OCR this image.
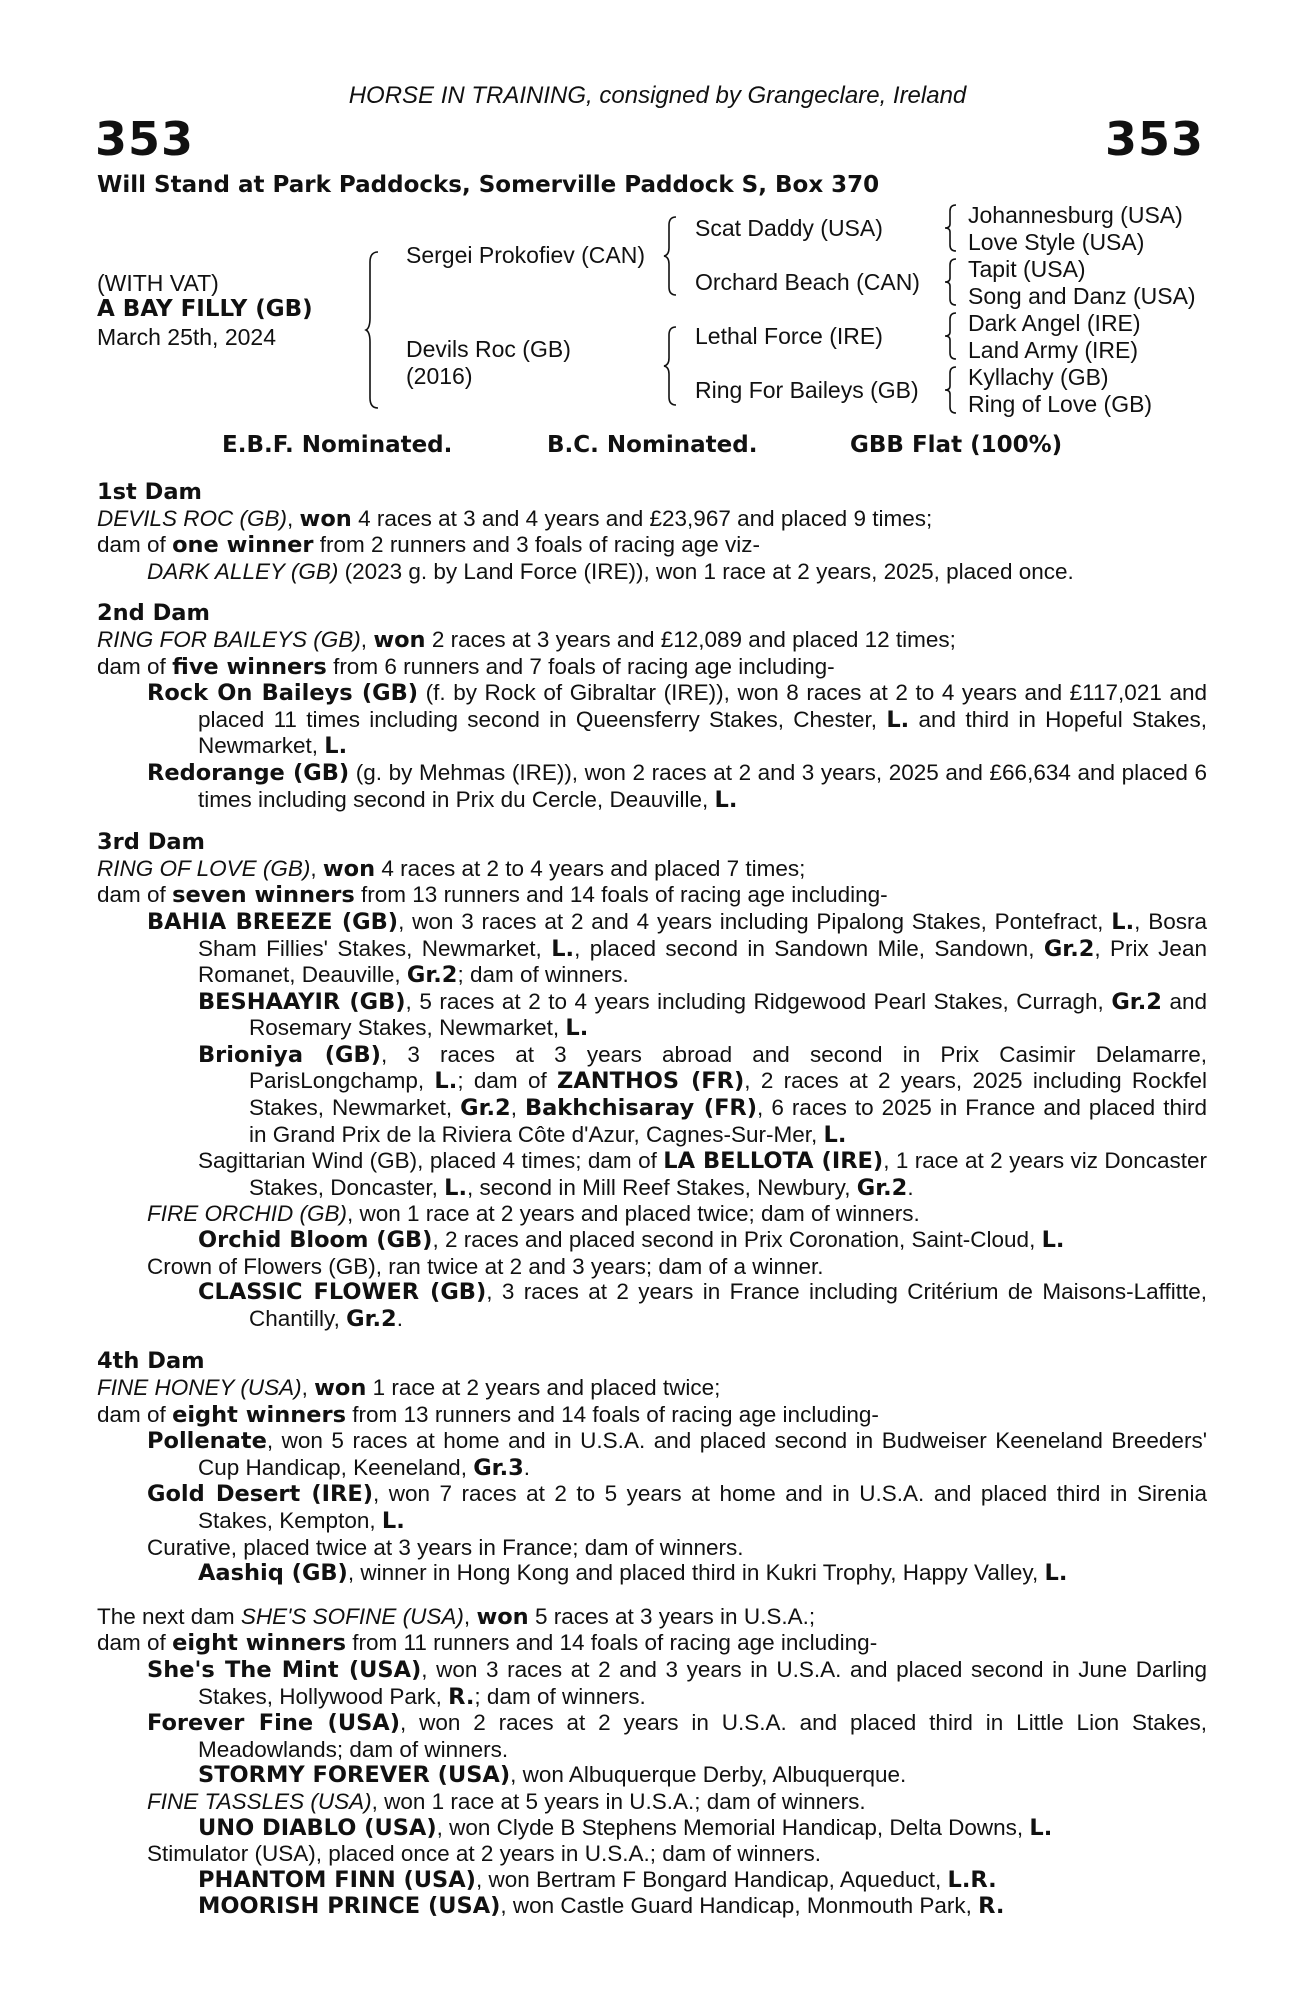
HORSE IN TRAINING, consigned by Grangeclare, Ireland
353	353
Will Stand at Park Paddocks, Somerville Paddock S, Box 370
(WITH VAT)
A BAY FILLY (GB)
March 25th, 2024
Sergei Prokofiev (CAN)
Devils Roc (GB)
(2016)
Scat Daddy (USA)
Orchard Beach (CAN)
Lethal Force (IRE)
Ring For Baileys (GB)
Johannesburg (USA)
Love Style (USA)
Tapit (USA)
Song and Danz (USA)
Dark Angel (IRE)
Land Army (IRE)
Kyllachy (GB)
Ring of Love (GB)
E.B.F. Nominated.	B.C. Nominated.	GBB Flat (100%)

1st Dam

DEVILS ROC (GB), won 4 races at 3 and 4 years and £23,967 and placed 9 times;

dam of one winner from 2 runners and 3 foals of racing age viz-

DARK ALLEY (GB) (2023 g. by Land Force (IRE)), won 1 race at 2 years, 2025, placed once.

2nd Dam

RING FOR BAILEYS (GB), won 2 races at 3 years and £12,089 and placed 12 times;

dam of five winners from 6 runners and 7 foals of racing age including-

Rock On Baileys (GB) (f. by Rock of Gibraltar (IRE)), won 8 races at 2 to 4 years and £117,021 and placed 11 times including second in Queensferry Stakes, Chester, L. and third in Hopeful Stakes, Newmarket, L.

Redorange (GB) (g. by Mehmas (IRE)), won 2 races at 2 and 3 years, 2025 and £66,634 and placed 6 times including second in Prix du Cercle, Deauville, L.

3rd Dam

RING OF LOVE (GB), won 4 races at 2 to 4 years and placed 7 times;

dam of seven winners from 13 runners and 14 foals of racing age including-

BAHIA BREEZE (GB), won 3 races at 2 and 4 years including Pipalong Stakes, Pontefract, L., Bosra Sham Fillies' Stakes, Newmarket, L., placed second in Sandown Mile, Sandown, Gr.2, Prix Jean Romanet, Deauville, Gr.2; dam of winners.

BESHAAYIR (GB), 5 races at 2 to 4 years including Ridgewood Pearl Stakes, Curragh, Gr.2 and Rosemary Stakes, Newmarket, L.

Brioniya (GB), 3 races at 3 years abroad and second in Prix Casimir Delamarre, ParisLongchamp, L.; dam of ZANTHOS (FR), 2 races at 2 years, 2025 including Rockfel Stakes, Newmarket, Gr.2, Bakhchisaray (FR), 6 races to 2025 in France and placed third in Grand Prix de la Riviera Côte d'Azur, Cagnes-Sur-Mer, L.

Sagittarian Wind (GB), placed 4 times; dam of LA BELLOTA (IRE), 1 race at 2 years viz Doncaster Stakes, Doncaster, L., second in Mill Reef Stakes, Newbury, Gr.2.

FIRE ORCHID (GB), won 1 race at 2 years and placed twice; dam of winners.

Orchid Bloom (GB), 2 races and placed second in Prix Coronation, Saint-Cloud, L.

Crown of Flowers (GB), ran twice at 2 and 3 years; dam of a winner.

CLASSIC FLOWER (GB), 3 races at 2 years in France including Critérium de Maisons-Laffitte, Chantilly, Gr.2.

4th Dam

FINE HONEY (USA), won 1 race at 2 years and placed twice;

dam of eight winners from 13 runners and 14 foals of racing age including-

Pollenate, won 5 races at home and in U.S.A. and placed second in Budweiser Keeneland Breeders' Cup Handicap, Keeneland, Gr.3.

Gold Desert (IRE), won 7 races at 2 to 5 years at home and in U.S.A. and placed third in Sirenia Stakes, Kempton, L.

Curative, placed twice at 3 years in France; dam of winners.

Aashiq (GB), winner in Hong Kong and placed third in Kukri Trophy, Happy Valley, L.

The next dam SHE'S SOFINE (USA), won 5 races at 3 years in U.S.A.;

dam of eight winners from 11 runners and 14 foals of racing age including-

She's The Mint (USA), won 3 races at 2 and 3 years in U.S.A. and placed second in June Darling Stakes, Hollywood Park, R.; dam of winners.

Forever Fine (USA), won 2 races at 2 years in U.S.A. and placed third in Little Lion Stakes, Meadowlands; dam of winners.

STORMY FOREVER (USA), won Albuquerque Derby, Albuquerque.

FINE TASSLES (USA), won 1 race at 5 years in U.S.A.; dam of winners.

UNO DIABLO (USA), won Clyde B Stephens Memorial Handicap, Delta Downs, L.

Stimulator (USA), placed once at 2 years in U.S.A.; dam of winners.

PHANTOM FINN (USA), won Bertram F Bongard Handicap, Aqueduct, L.R.

MOORISH PRINCE (USA), won Castle Guard Handicap, Monmouth Park, R.
